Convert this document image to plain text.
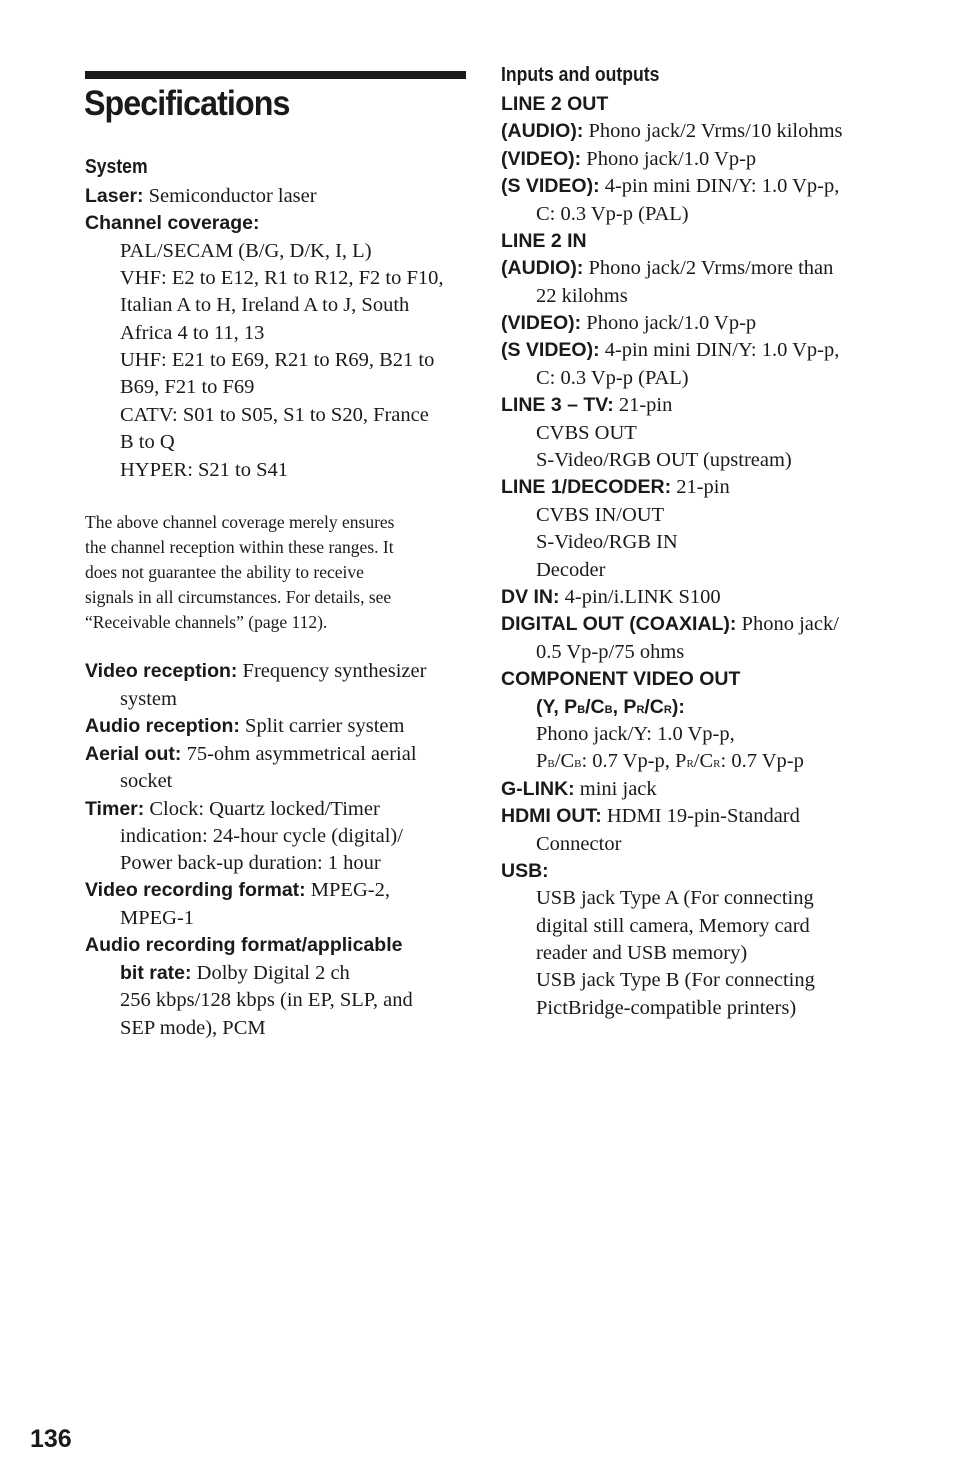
Specifications
System
Laser: Semiconductor laser
Channel coverage:
PAL/SECAM (B/G, D/K, I, L)
VHF: E2 to E12, R1 to R12, F2 to F10,
Italian A to H, Ireland A to J, South
Africa 4 to 11, 13
UHF: E21 to E69, R21 to R69, B21 to
B69, F21 to F69
CATV: S01 to S05, S1 to S20, France
B to Q
HYPER: S21 to S41
The above channel coverage merely ensures
the channel reception within these ranges. It
does not guarantee the ability to receive
signals in all circumstances. For details, see
“Receivable channels” (page 112).
Video reception: Frequency synthesizer
system
Audio reception: Split carrier system
Aerial out: 75-ohm asymmetrical aerial
socket
Timer: Clock: Quartz locked/Timer
indication: 24-hour cycle (digital)/
Power back-up duration: 1 hour
Video recording format: MPEG-2,
MPEG-1
Audio recording format/applicable
bit rate: Dolby Digital 2 ch
256 kbps/128 kbps (in EP, SLP, and
SEP mode), PCM
Inputs and outputs
LINE 2 OUT
(AUDIO): Phono jack/2 Vrms/10 kilohms
(VIDEO): Phono jack/1.0 Vp-p
(S VIDEO): 4-pin mini DIN/Y: 1.0 Vp-p,
C: 0.3 Vp-p (PAL)
LINE 2 IN
(AUDIO): Phono jack/2 Vrms/more than
22 kilohms
(VIDEO): Phono jack/1.0 Vp-p
(S VIDEO): 4-pin mini DIN/Y: 1.0 Vp-p,
C: 0.3 Vp-p (PAL)
LINE 3 – TV: 21-pin
CVBS OUT
S-Video/RGB OUT (upstream)
LINE 1/DECODER: 21-pin
CVBS IN/OUT
S-Video/RGB IN
Decoder
DV IN: 4-pin/i.LINK S100
DIGITAL OUT (COAXIAL): Phono jack/
0.5 Vp-p/75 ohms
COMPONENT VIDEO OUT
(Y, PB/CB, PR/CR):
Phono jack/Y: 1.0 Vp-p,
PB/CB: 0.7 Vp-p, PR/CR: 0.7 Vp-p
G-LINK: mini jack
HDMI OUT: HDMI 19-pin-Standard
Connector
USB:
USB jack Type A (For connecting
digital still camera, Memory card
reader and USB memory)
USB jack Type B (For connecting
PictBridge-compatible printers)
136
